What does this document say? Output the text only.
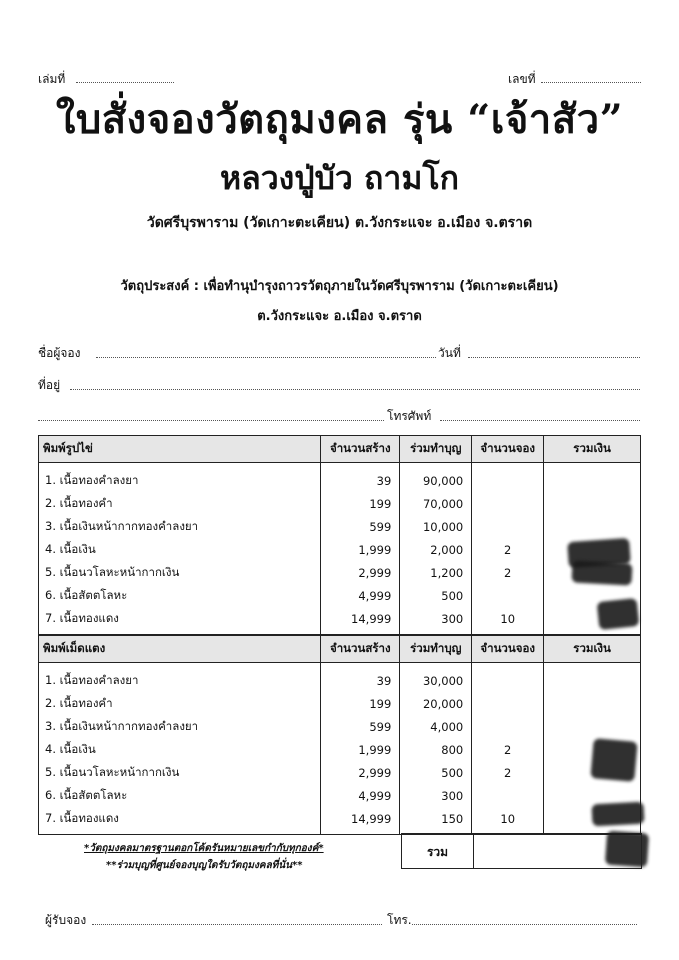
เล่มที่	เลขที่
ใบสั่งจองวัตถุมงคล รุ่น “เจ้าสัว”
หลวงปู่บัว ถามโก
วัดศรีบุรพาราม (วัดเกาะตะเคียน) ต.วังกระแจะ อ.เมือง จ.ตราด
วัตถุประสงค์ : เพื่อทำนุบำรุงถาวรวัตถุภายในวัดศรีบุรพาราม (วัดเกาะตะเคียน)
ต.วังกระแจะ อ.เมือง จ.ตราด
ชื่อผู้จอง	วันที่
ที่อยู่
โทรศัพท์
พิมพ์รูปไข่	จำนวนสร้าง	ร่วมทำบุญ	จำนวนจอง	รวมเงิน
1. เนื้อทองคำลงยา	39	90,000		
2. เนื้อทองคำ	199	70,000		
3. เนื้อเงินหน้ากากทองคำลงยา	599	10,000		
4. เนื้อเงิน	1,999	2,000	2	
5. เนื้อนวโลหะหน้ากากเงิน	2,999	1,200	2	
6. เนื้อสัตตโลหะ	4,999	500		
7. เนื้อทองแดง	14,999	300	10	
พิมพ์เม็ดแตง	จำนวนสร้าง	ร่วมทำบุญ	จำนวนจอง	รวมเงิน
1. เนื้อทองคำลงยา	39	30,000		
2. เนื้อทองคำ	199	20,000		
3. เนื้อเงินหน้ากากทองคำลงยา	599	4,000		
4. เนื้อเงิน	1,999	800	2	
5. เนื้อนวโลหะหน้ากากเงิน	2,999	500	2	
6. เนื้อสัตตโลหะ	4,999	300		
7. เนื้อทองแดง	14,999	150	10	
*วัตถุมงคลมาตรฐานตอกโค้ดรันหมายเลขกำกับทุกองค์*
**ร่วมบุญที่ศูนย์จองบุญใดรับวัตถุมงคลที่นั่น**
รวม
ผู้รับจอง	โทร.
